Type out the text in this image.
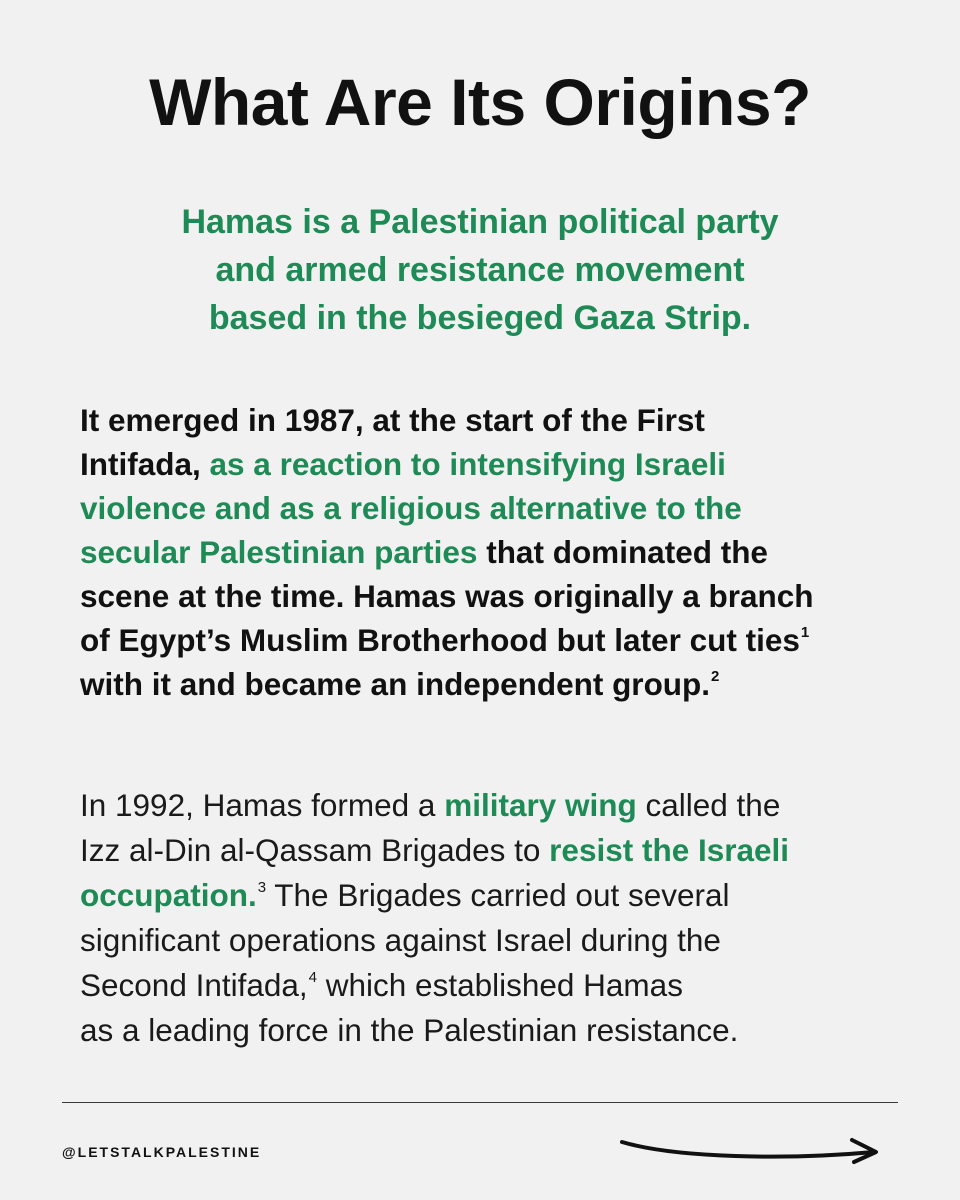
What Are Its Origins?
Hamas is a Palestinian political party
and armed resistance movement
based in the besieged Gaza Strip.
It emerged in 1987, at the start of the First
Intifada, as a reaction to intensifying Israeli
violence and as a religious alternative to the
secular Palestinian parties that dominated the
scene at the time. Hamas was originally a branch
of Egypt’s Muslim Brotherhood but later cut ties$^1$
with it and became an independent group.$^2$
In 1992, Hamas formed a military wing called the
Izz al-Din al-Qassam Brigades to resist the Israeli
occupation.$^3$ The Brigades carried out several
significant operations against Israel during the
Second Intifada,$^4$ which established Hamas
as a leading force in the Palestinian resistance.
@LETSTALKPALESTINE
